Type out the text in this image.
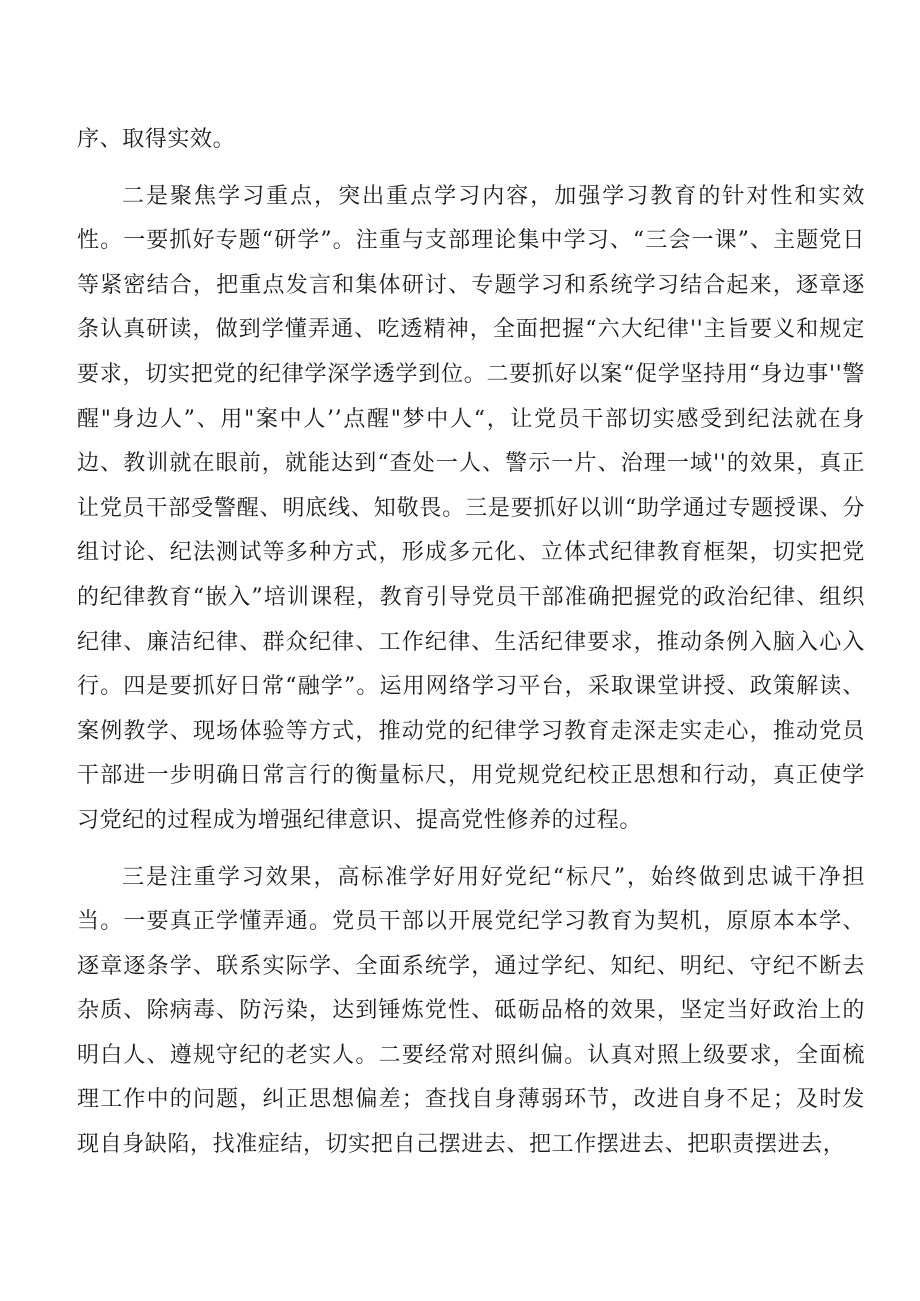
序、取得实效。

二是聚焦学习重点，突出重点学习内容，加强学习教育的针对性和实效性。一要抓好专题“研学”。注重与支部理论集中学习、“三会一课”、主题党日等紧密结合，把重点发言和集体研讨、专题学习和系统学习结合起来，逐章逐条认真研读，做到学懂弄通、吃透精神，全面把握“六大纪律''主旨要义和规定要求，切实把党的纪律学深学透学到位。二要抓好以案“促学坚持用“身边事''警醒"身边人”、用"案中人’’点醒"梦中人“，让党员干部切实感受到纪法就在身边、教训就在眼前，就能达到“查处一人、警示一片、治理一域''的效果，真正让党员干部受警醒、明底线、知敬畏。三是要抓好以训“助学通过专题授课、分组讨论、纪法测试等多种方式，形成多元化、立体式纪律教育框架，切实把党的纪律教育“嵌入”培训课程，教育引导党员干部准确把握党的政治纪律、组织纪律、廉洁纪律、群众纪律、工作纪律、生活纪律要求，推动条例入脑入心入行。四是要抓好日常“融学”。运用网络学习平台，采取课堂讲授、政策解读、案例教学、现场体验等方式，推动党的纪律学习教育走深走实走心，推动党员干部进一步明确日常言行的衡量标尺，用党规党纪校正思想和行动，真正使学习党纪的过程成为增强纪律意识、提高党性修养的过程。

三是注重学习效果，高标准学好用好党纪“标尺”，始终做到忠诚干净担当。一要真正学懂弄通。党员干部以开展党纪学习教育为契机，原原本本学、逐章逐条学、联系实际学、全面系统学，通过学纪、知纪、明纪、守纪不断去杂质、除病毒、防污染，达到锤炼党性、砥砺品格的效果，坚定当好政治上的明白人、遵规守纪的老实人。二要经常对照纠偏。认真对照上级要求，全面梳理工作中的问题，纠正思想偏差；查找自身薄弱环节，改进自身不足；及时发现自身缺陷，找准症结，切实把自己摆进去、把工作摆进去、把职责摆进去，
